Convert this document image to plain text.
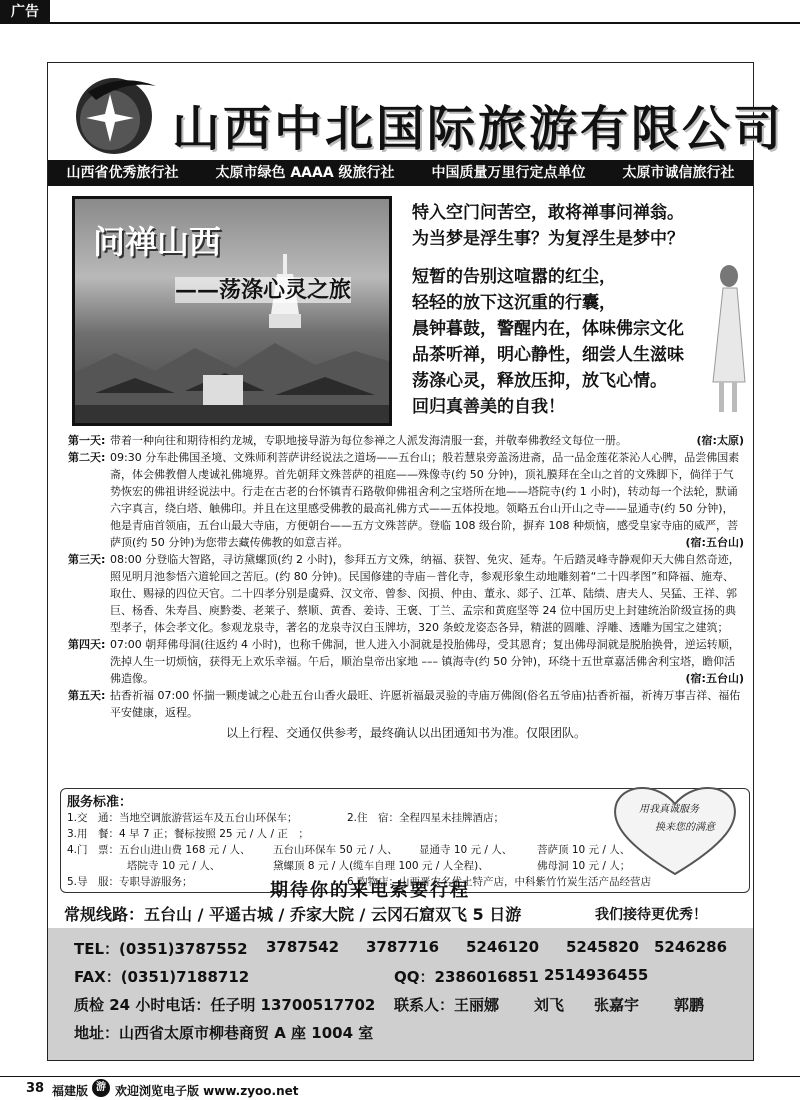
广告
山西中北国际旅游有限公司
山西省优秀旅行社	太原市绿色 AAAA 级旅行社	中国质量万里行定点单位	太原市诚信旅行社
问禅山西
——荡涤心灵之旅
特入空门问苦空，敢将禅事问禅翁。
为当梦是浮生事？为复浮生是梦中？
短暂的告别这喧嚣的红尘，
轻轻的放下这沉重的行囊，
晨钟暮鼓，警醒内在，体味佛宗文化
品茶听禅，明心静性，细尝人生滋味
荡涤心灵，释放压抑，放飞心情。
回归真善美的自我！
第一天: 带着一种向往和期待相约龙城，专职地接导游为每位参禅之人派发海清服一套，并敬奉佛教经文每位一册。	(宿:太原)
第二天: 09:30 分车赴佛国圣境、文殊师利菩萨讲经说法之道场——五台山；般若慧泉旁盖汤进斋，品一品金莲花茶沁人心脾，品尝佛国素斋，体会佛教僧人虔诚礼佛境界。首先朝拜文殊菩萨的祖庭——殊像寺(约 50 分钟)，顶礼膜拜在全山之首的文殊脚下，倘徉于气势恢宏的佛祖讲经说法中。行走在古老的台怀镇青石路敬仰佛祖舍利之宝塔所在地——塔院寺(约 1 小时)，转动每一个法轮，默诵六字真言，绕白塔、触佛印。并且在这里感受佛教的最高礼佛方式——五体投地。领略五台山开山之寺——显通寺(约 50 分钟)，他是青庙首领庙，五台山最大寺庙，方便朝台——五方文殊菩萨。登临 108 级台阶，摒弃 108 种烦恼，感受皇家寺庙的威严，菩萨顶(约 50 分钟)为您带去藏传佛教的如意吉祥。	(宿:五台山)
第三天: 08:00 分登临大智路，寻访黛螺顶(约 2 小时)，参拜五方文殊，纳福、获智、免灾、延寿。午后踏灵峰寺静观仰天大佛自然奇迹，照见明月池参悟六道轮回之苦厄。(约 80 分钟)。民国修建的寺庙－普化寺，参观形象生动地雕刻着“二十四孝图”和降福、施寿、取仕、赐禄的四位天官。二十四孝分别是虞舜、汉文帝、曾参、闵损、仲由、董永、郯子、江革、陆绩、唐夫人、吴猛、王祥、郭巨、杨香、朱寿昌、庾黔娄、老莱子、蔡顺、黄香、姜诗、王褒、丁兰、孟宗和黄庭坚等 24 位中国历史上封建统治阶级宣扬的典型孝子，体会孝文化。参观龙泉寺，著名的龙泉寺汉白玉牌坊，320 条蛟龙姿态各异，精湛的圆雕、浮雕、透雕为国宝之建筑；
第四天: 07:00 朝拜佛母洞(往返约 4 小时)，也称千佛洞，世人进入小洞就是投胎佛母，受其恩育；复出佛母洞就是脱胎换骨，逆运转顺，洗掉人生一切烦恼，获得无上欢乐幸福。午后，顺治皇帝出家地 ––– 镇海寺(约 50 分钟)，环绕十五世章嘉活佛舍利宝塔，瞻仰活佛造像。	(宿:五台山)
第五天: 拈香祈福 07:00 怀揣一颗虔诚之心赴五台山香火最旺、许愿祈福最灵验的寺庙万佛阁(俗名五爷庙)拈香祈福，祈祷万事吉祥、福佑平安健康，返程。
以上行程、交通仅供参考，最终确认以出团通知书为准。仅限团队。
服务标准：
1.交　通：当地空调旅游营运车及五台山环保车；	2.住　宿：全程四星未挂牌酒店；
3.用　餐：4 早 7 正；餐标按照 25 元 / 人 / 正　；
4.门　票：五台山进山费 168 元 / 人、 五台山环保车 50 元 / 人、 显通寺 10 元 / 人、 菩萨顶 10 元 / 人、
塔院寺 10 元 / 人、	黛螺顶 8 元 / 人(缆车自理 100 元 / 人全程)、	佛母洞 10 元 / 人；
5.导　服：专职导游服务；	6.购物店：山西晋农名优土特产店，中科紫竹竹炭生活产品经营店
用我真诚服务
换来您的满意
期待你的来电索要行程
常规线路：五台山 / 平遥古城 / 乔家大院 / 云冈石窟双飞 5 日游	我们接待更优秀！
TEL：(0351)3787552 3787542 3787716 5246120 5245820 5246286
FAX：(0351)7188712	QQ：2386016851 2514936455
质检 24 小时电话：任子明 13700517702 联系人：王丽娜 刘飞 张嘉宇 郭鹏
地址：山西省太原市柳巷商贸 A 座 1004 室
38 福建版 游 欢迎浏览电子版 www.zyoo.net
